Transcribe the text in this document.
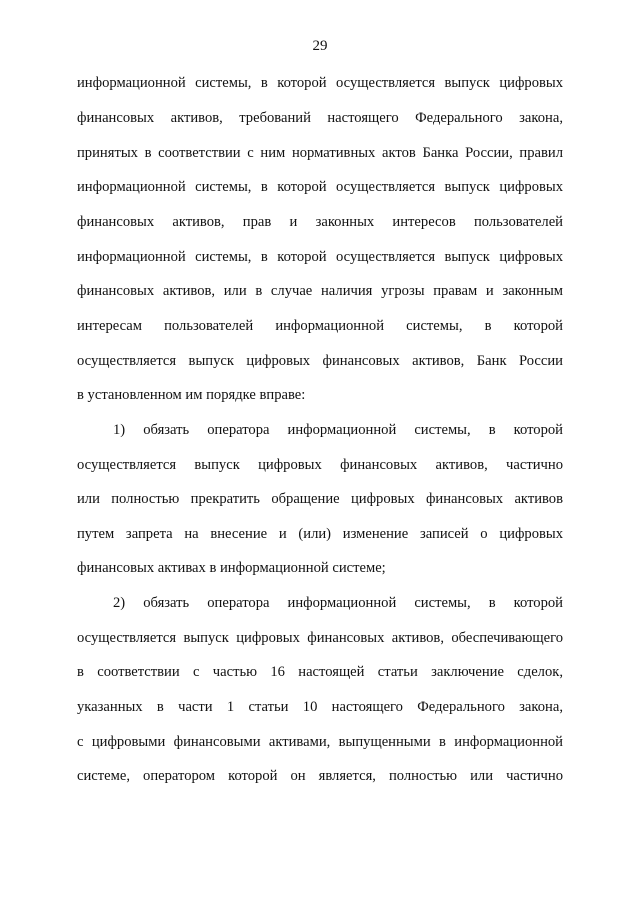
29
информационной системы, в которой осуществляется выпуск цифровых
финансовых активов, требований настоящего Федерального закона,
принятых в соответствии с ним нормативных актов Банка России, правил
информационной системы, в которой осуществляется выпуск цифровых
финансовых активов, прав и законных интересов пользователей
информационной системы, в которой осуществляется выпуск цифровых
финансовых активов, или в случае наличия угрозы правам и законным
интересам пользователей информационной системы, в которой
осуществляется выпуск цифровых финансовых активов, Банк России
в установленном им порядке вправе:
1) обязать оператора информационной системы, в которой
осуществляется выпуск цифровых финансовых активов, частично
или полностью прекратить обращение цифровых финансовых активов
путем запрета на внесение и (или) изменение записей о цифровых
финансовых активах в информационной системе;
2) обязать оператора информационной системы, в которой
осуществляется выпуск цифровых финансовых активов, обеспечивающего
в соответствии с частью 16 настоящей статьи заключение сделок,
указанных в части 1 статьи 10 настоящего Федерального закона,
с цифровыми финансовыми активами, выпущенными в информационной
системе, оператором которой он является, полностью или частично
